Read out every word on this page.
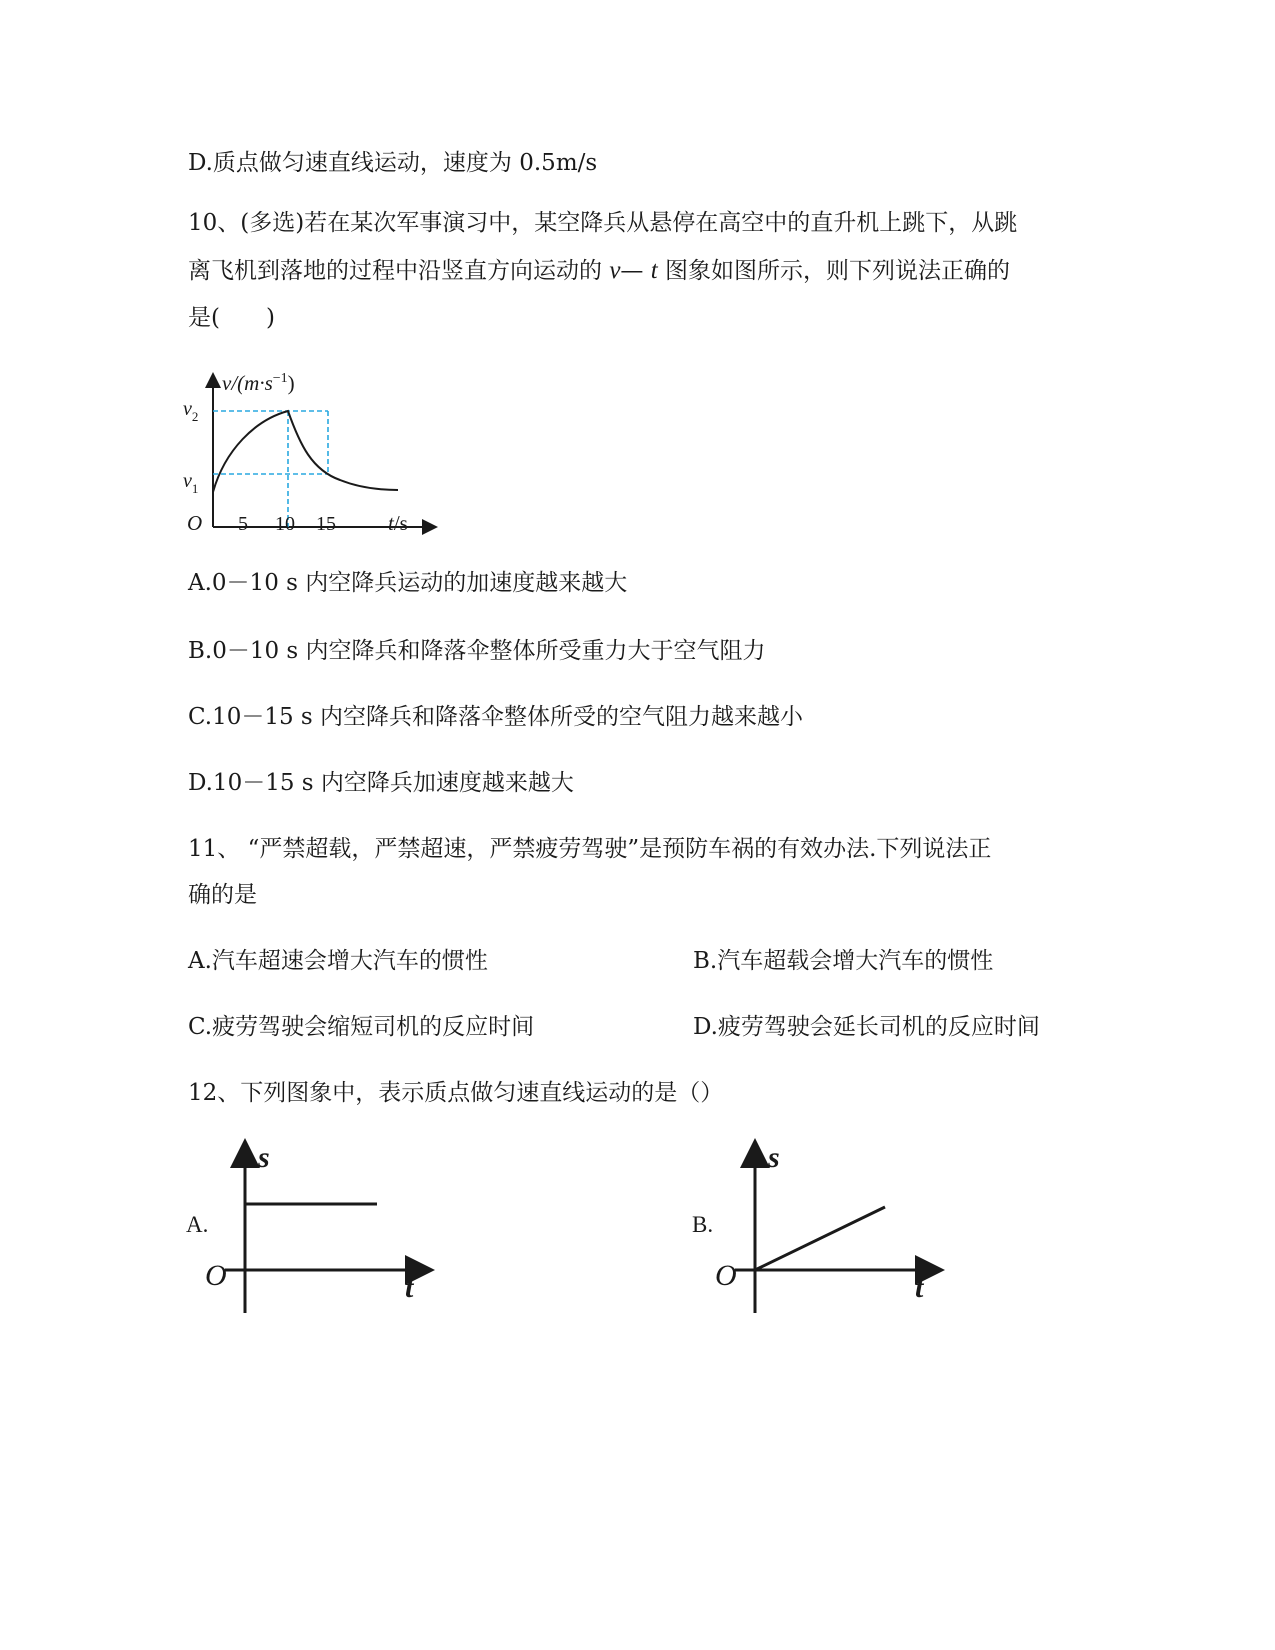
D.质点做匀速直线运动，速度为 0.5m/s
10、(多选)若在某次军事演习中，某空降兵从悬停在高空中的直升机上跳下，从跳
离飞机到落地的过程中沿竖直方向运动的 v— t 图象如图所示，则下列说法正确的
是(　　)
$v/(m\cdot s^{-1})$
$v_2$
$v_1$
O 5 10 15 t/s
A.0－10 s 内空降兵运动的加速度越来越大
B.0－10 s 内空降兵和降落伞整体所受重力大于空气阻力
C.10－15 s 内空降兵和降落伞整体所受的空气阻力越来越小
D.10－15 s 内空降兵加速度越来越大
11、 “严禁超载，严禁超速，严禁疲劳驾驶”是预防车祸的有效办法.下列说法正
确的是
A.汽车超速会增大汽车的惯性	B.汽车超载会增大汽车的惯性
C.疲劳驾驶会缩短司机的反应时间	D.疲劳驾驶会延长司机的反应时间
12、下列图象中，表示质点做匀速直线运动的是（）
A.
s
O	t
B.
s
O	t
